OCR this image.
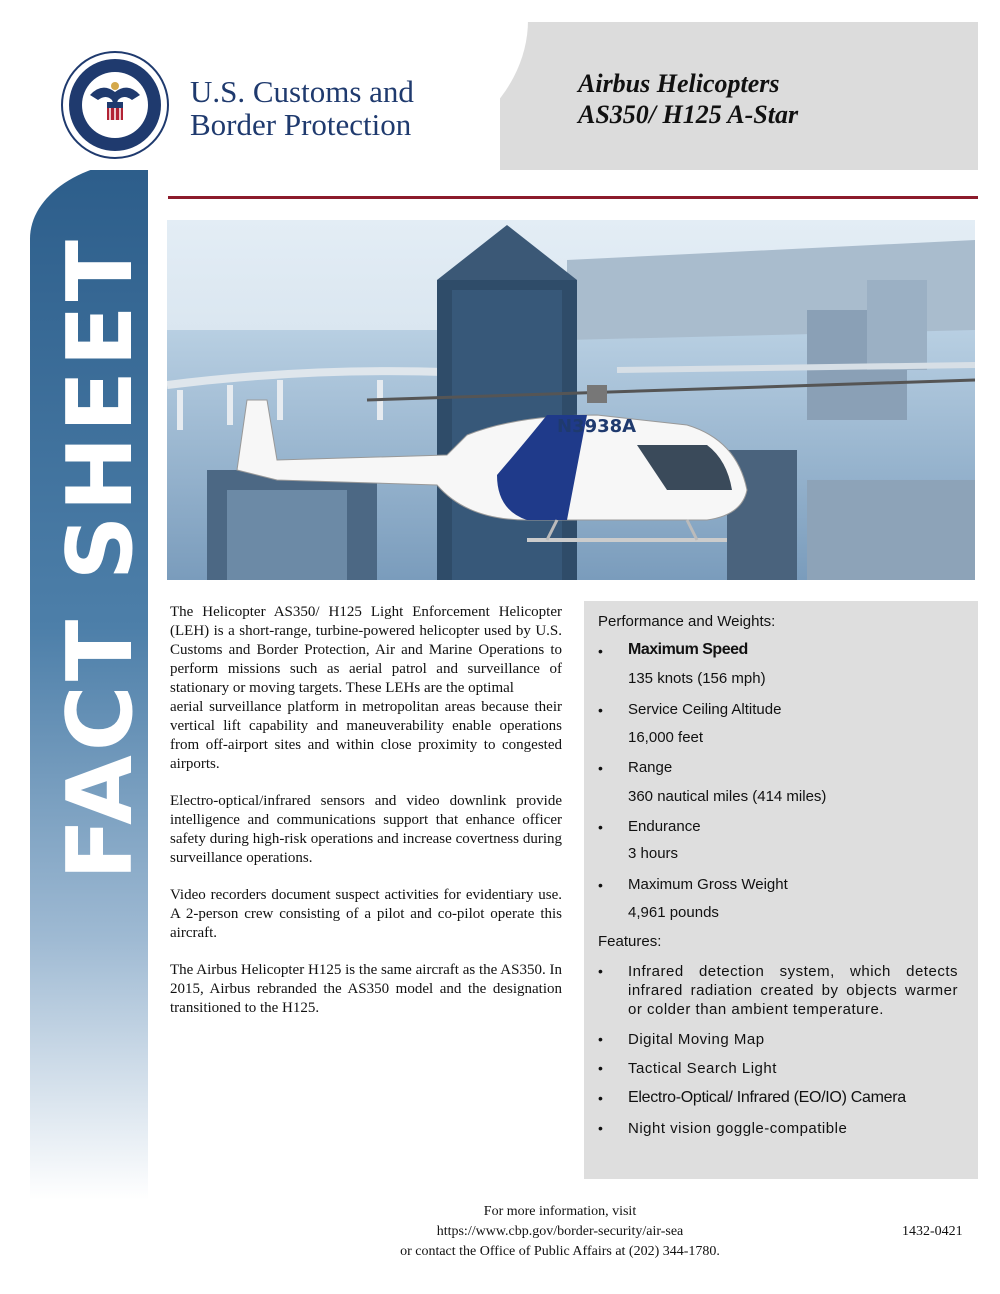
FACT SHEET
U.S. Customs and
Border Protection
Airbus Helicopters
AS350/ H125 A-Star
N3938A

The Helicopter AS350/ H125 Light Enforcement Helicopter (LEH) is a short-range, turbine-powered helicopter used by U.S. Customs and Border Protection, Air and Marine Operations to perform missions such as aerial patrol and surveillance of stationary or moving targets. These LEHs are the optimal
aerial surveillance platform in metropolitan areas because their vertical lift capability and maneuverability enable operations from off-airport sites and within close proximity to congested airports.

Electro-optical/infrared sensors and video downlink provide intelligence and communications support that enhance officer safety during high-risk operations and increase covertness during surveillance operations.

Video recorders document suspect activities for evidentiary use. A 2-person crew consisting of a pilot and co-pilot operate this aircraft.

The Airbus Helicopter H125 is the same aircraft as the AS350. In 2015, Airbus rebranded the AS350 model and the designation transitioned to the H125.

Performance and Weights:
• Maximum Speed
135 knots (156 mph)
• Service Ceiling Altitude
16,000 feet
• Range
360 nautical miles (414 miles)
• Endurance
3 hours
• Maximum Gross Weight
4,961 pounds
Features:
• Infrared detection system, which detects infrared radiation created by objects warmer or colder than ambient temperature.
• Digital Moving Map
• Tactical Search Light
• Electro-Optical/ Infrared (EO/IO) Camera
• Night vision goggle-compatible
For more information, visit
https://www.cbp.gov/border-security/air-sea
or contact the Office of Public Affairs at (202) 344-1780.
1432-0421
